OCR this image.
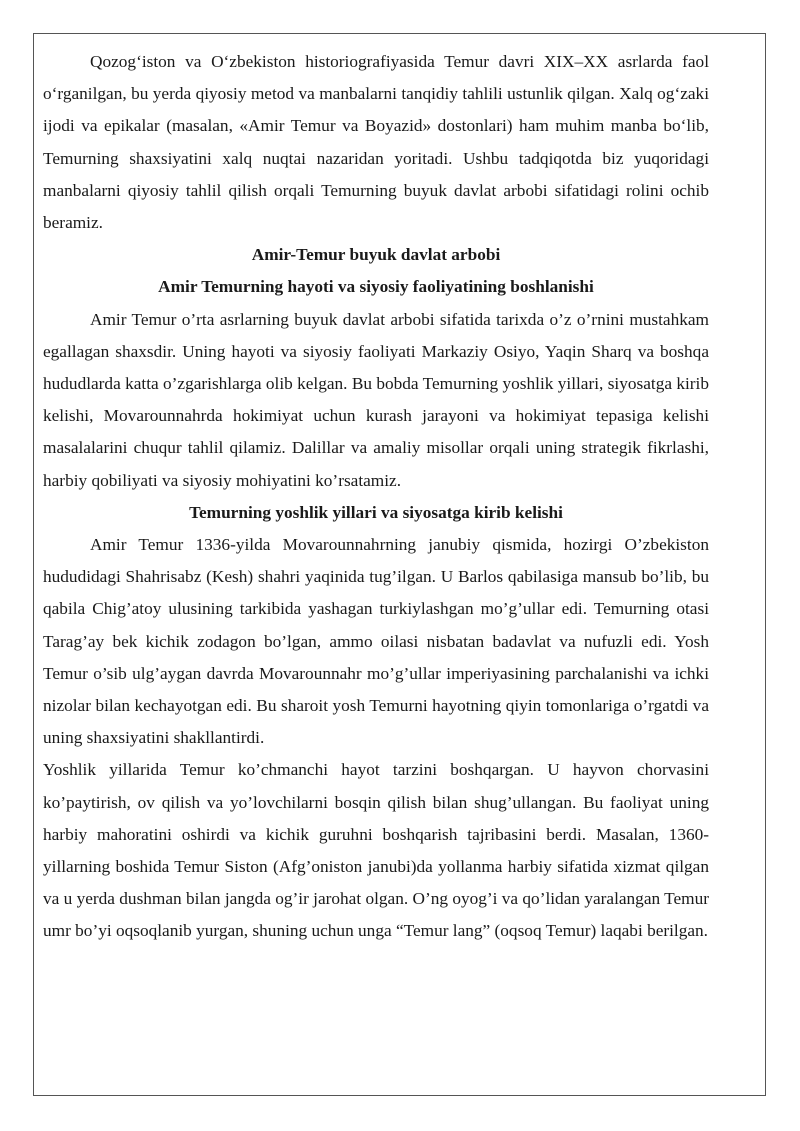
Qozog‘iston va O‘zbekiston historiografiyasida Temur davri XIX–XX asrlarda faol o‘rganilgan, bu yerda qiyosiy metod va manbalarni tanqidiy tahlili ustunlik qilgan. Xalq og‘zaki ijodi va epikalar (masalan, «Amir Temur va Boyazid» dostonlari) ham muhim manba bo‘lib, Temurning shaxsiyatini xalq nuqtai nazaridan yoritadi. Ushbu tadqiqotda biz yuqoridagi manbalarni qiyosiy tahlil qilish orqali Temurning buyuk davlat arbobi sifatidagi rolini ochib beramiz.

Amir-Temur buyuk davlat arbobi
Amir Temurning hayoti va siyosiy faoliyatining boshlanishi

Amir Temur o’rta asrlarning buyuk davlat arbobi sifatida tarixda o’z o’rnini mustahkam egallagan shaxsdir. Uning hayoti va siyosiy faoliyati Markaziy Osiyo, Yaqin Sharq va boshqa hududlarda katta o’zgarishlarga olib kelgan. Bu bobda Temurning yoshlik yillari, siyosatga kirib kelishi, Movarounnahrda hokimiyat uchun kurash jarayoni va hokimiyat tepasiga kelishi masalalarini chuqur tahlil qilamiz. Dalillar va amaliy misollar orqali uning strategik fikrlashi, harbiy qobiliyati va siyosiy mohiyatini ko’rsatamiz.

Temurning yoshlik yillari va siyosatga kirib kelishi

Amir Temur 1336-yilda Movarounnahrning janubiy qismida, hozirgi O’zbekiston hududidagi Shahrisabz (Kesh) shahri yaqinida tug’ilgan. U Barlos qabilasiga mansub bo’lib, bu qabila Chig’atoy ulusining tarkibida yashagan turkiylashgan mo’g’ullar edi. Temurning otasi Tarag’ay bek kichik zodagon bo’lgan, ammo oilasi nisbatan badavlat va nufuzli edi. Yosh Temur o’sib ulg’aygan davrda Movarounnahr mo’g’ullar imperiyasining parchalanishi va ichki nizolar bilan kechayotgan edi. Bu sharoit yosh Temurni hayotning qiyin tomonlariga o’rgatdi va uning shaxsiyatini shakllantirdi.

Yoshlik yillarida Temur ko’chmanchi hayot tarzini boshqargan. U hayvon chorvasini ko’paytirish, ov qilish va yo’lovchilarni bosqin qilish bilan shug’ullangan. Bu faoliyat uning harbiy mahoratini oshirdi va kichik guruhni boshqarish tajribasini berdi. Masalan, 1360-yillarning boshida Temur Siston (Afg’oniston janubi)da yollanma harbiy sifatida xizmat qilgan va u yerda dushman bilan jangda og’ir jarohat olgan. O’ng oyog’i va qo’lidan yaralangan Temur umr bo’yi oqsoqlanib yurgan, shuning uchun unga “Temur lang” (oqsoq Temur) laqabi berilgan.
